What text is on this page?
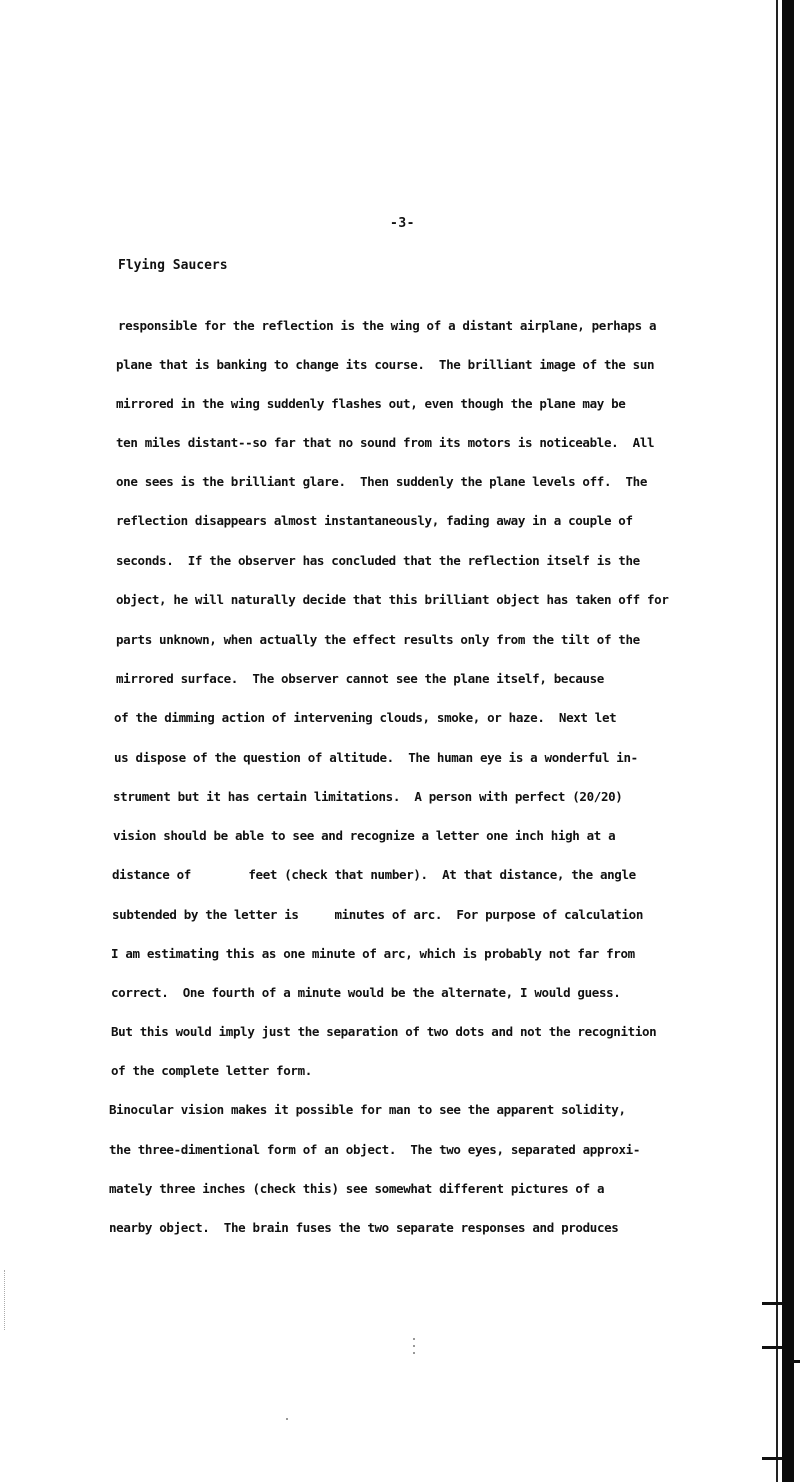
-3-
Flying Saucers
responsible for the reflection is the wing of a distant airplane, perhaps a
plane that is banking to change its course.  The brilliant image of the sun
mirrored in the wing suddenly flashes out, even though the plane may be
ten miles distant--so far that no sound from its motors is noticeable.  All
one sees is the brilliant glare.  Then suddenly the plane levels off.  The
reflection disappears almost instantaneously, fading away in a couple of
seconds.  If the observer has concluded that the reflection itself is the
object, he will naturally decide that this brilliant object has taken off for
parts unknown, when actually the effect results only from the tilt of the
mirrored surface.  The observer cannot see the plane itself, because
of the dimming action of intervening clouds, smoke, or haze.  Next let
us dispose of the question of altitude.  The human eye is a wonderful in-
strument but it has certain limitations.  A person with perfect (20/20)
vision should be able to see and recognize a letter one inch high at a
distance of        feet (check that number).  At that distance, the angle
subtended by the letter is     minutes of arc.  For purpose of calculation
I am estimating this as one minute of arc, which is probably not far from
correct.  One fourth of a minute would be the alternate, I would guess.
But this would imply just the separation of two dots and not the recognition
of the complete letter form.
Binocular vision makes it possible for man to see the apparent solidity,
the three-dimentional form of an object.  The two eyes, separated approxi-
mately three inches (check this) see somewhat different pictures of a
nearby object.  The brain fuses the two separate responses and produces
